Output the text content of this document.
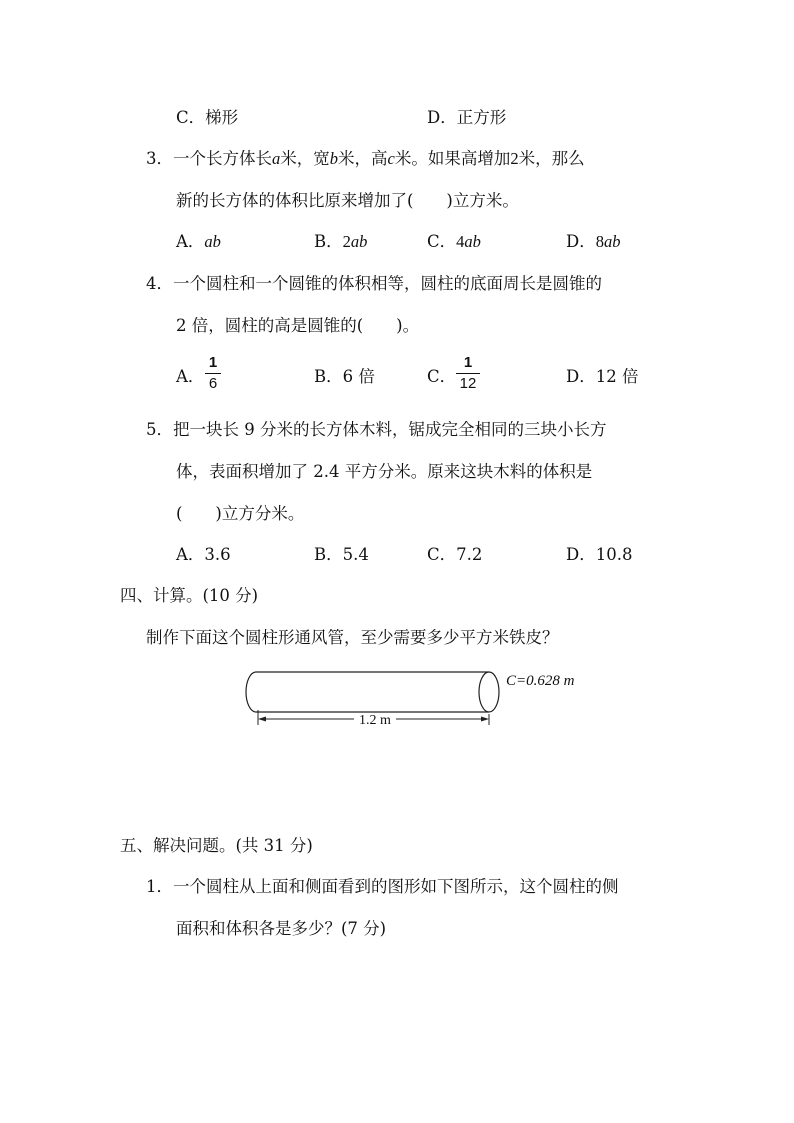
C．梯形	D．正方形
3．一个长方体长a米，宽b米，高c米。如果高增加2米，那么
新的长方体的体积比原来增加了(　　)立方米。
A．ab	B．2ab	C．4ab	D．8ab
4．一个圆柱和一个圆锥的体积相等，圆柱的底面周长是圆锥的
2 倍，圆柱的高是圆锥的(　　)。
A．
1
6	B．6 倍	C．
1
12	D．12 倍
5．把一块长 9 分米的长方体木料，锯成完全相同的三块小长方
体，表面积增加了 2.4 平方分米。原来这块木料的体积是
(　　)立方分米。
A．3.6	B．5.4	C．7.2	D．10.8
四、计算。(10 分)
制作下面这个圆柱形通风管，至少需要多少平方米铁皮？
1.2 m
C=0.628 m
五、解决问题。(共 31 分)
1．一个圆柱从上面和侧面看到的图形如下图所示，这个圆柱的侧
面积和体积各是多少？(7 分)
